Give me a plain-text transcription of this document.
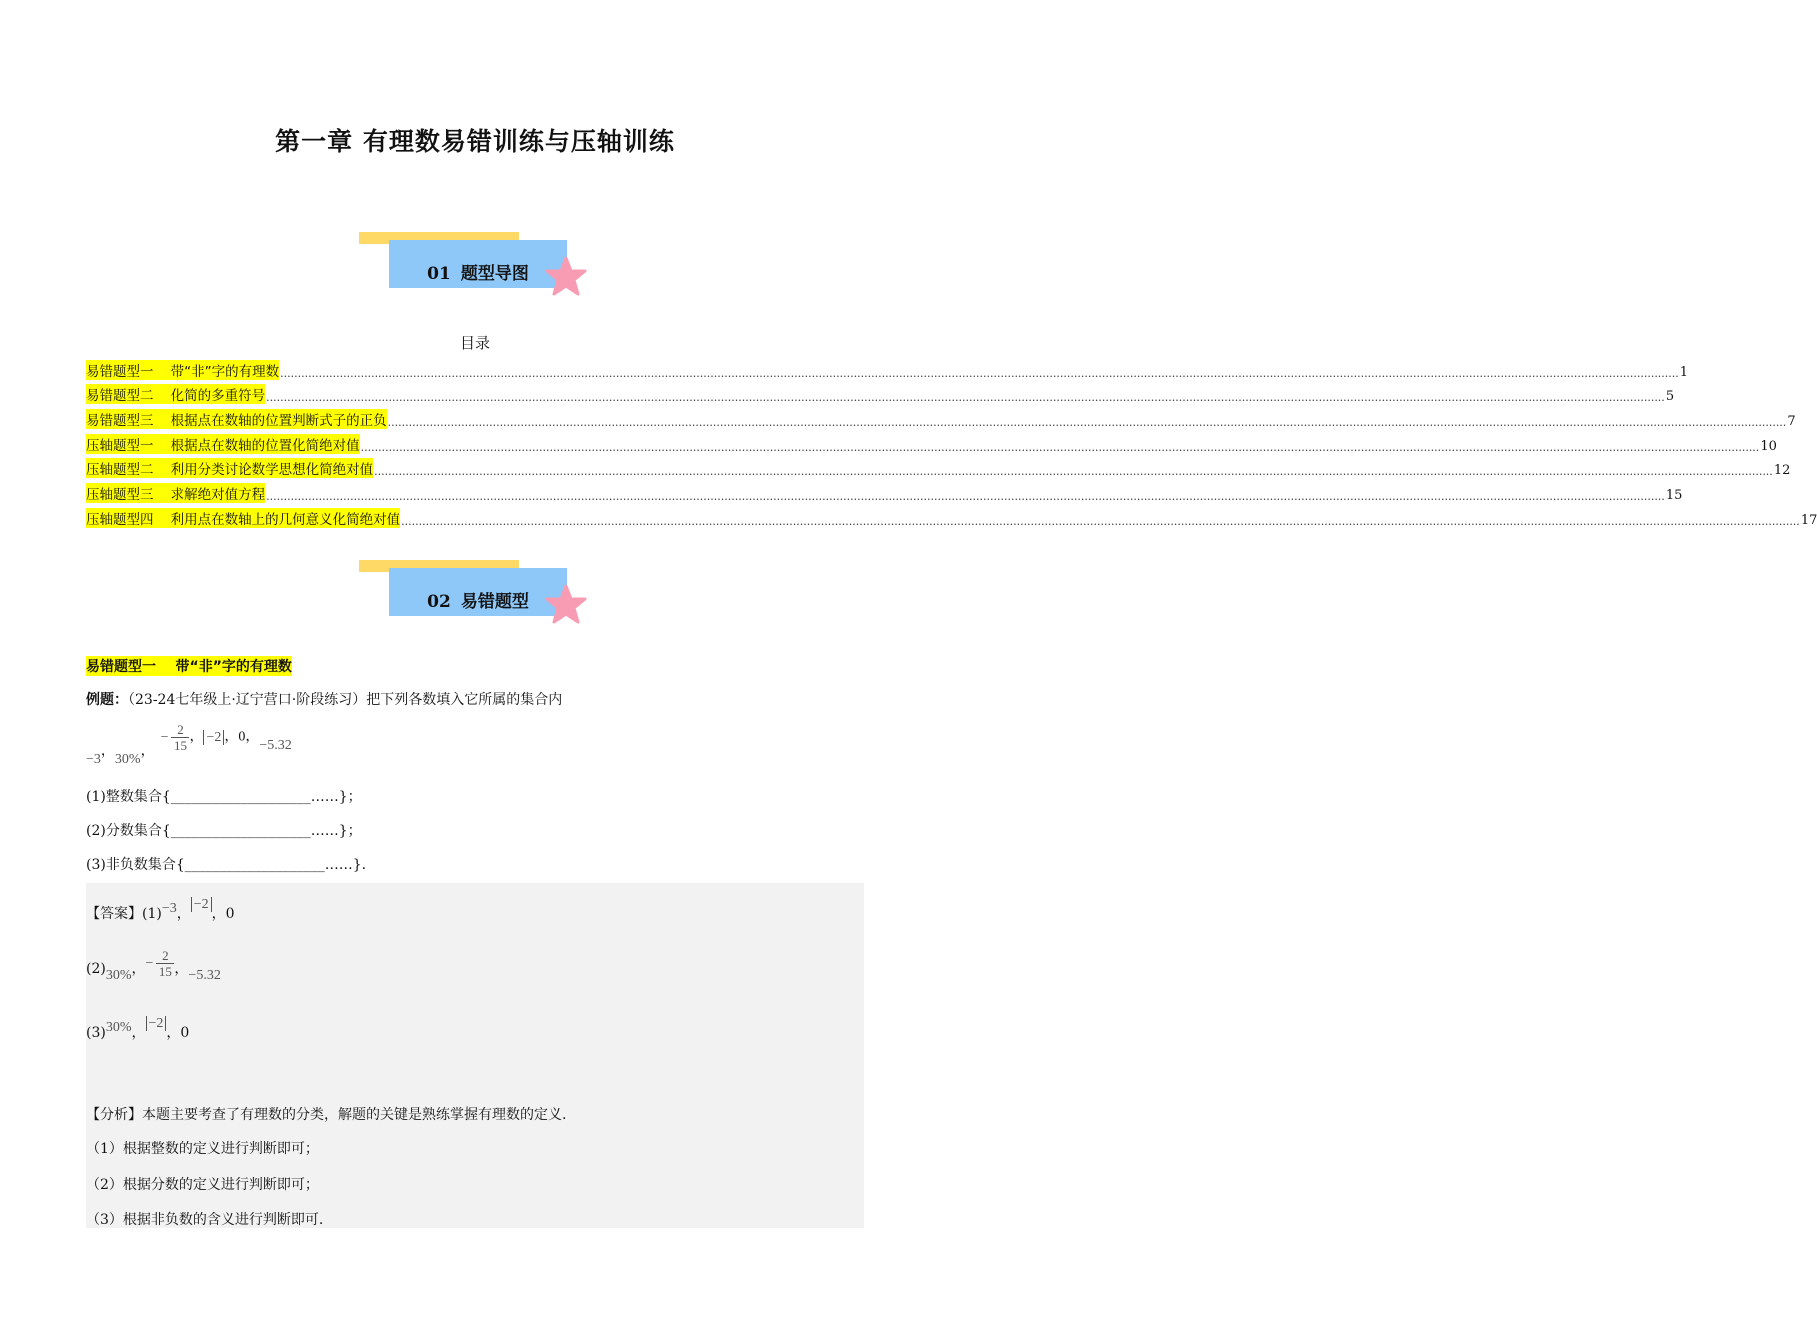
第一章 有理数易错训练与压轴训练
01 题型导图
目录
易错题型一    带“非”字的有理数 ................................................................................................................................................................................................................................................................................................................................................................................................................ 1
易错题型二    化简的多重符号 ................................................................................................................................................................................................................................................................................................................................................................................................................ 5
易错题型三    根据点在数轴的位置判断式子的正负 ................................................................................................................................................................................................................................................................................................................................................................................................................ 7
压轴题型一    根据点在数轴的位置化简绝对值 ................................................................................................................................................................................................................................................................................................................................................................................................................ 10
压轴题型二    利用分类讨论数学思想化简绝对值 ................................................................................................................................................................................................................................................................................................................................................................................................................ 12
压轴题型三    求解绝对值方程 ................................................................................................................................................................................................................................................................................................................................................................................................................ 15
压轴题型四    利用点在数轴上的几何意义化简绝对值 ................................................................................................................................................................................................................................................................................................................................................................................................................ 17
02 易错题型
易错题型一    带“非”字的有理数
例题：（23-24七年级上·辽宁营口·阶段练习）把下列各数填入它所属的集合内
−3，30%，− $\frac{2}{15}$ ， −2 ，0，−5.32
(1)整数集合{____________________……}；
(2)分数集合{____________________……}；
(3)非负数集合{____________________……}.
【答案】(1)−3，−2，0
(2)30%，− $\frac{2}{15}$ ，−5.32
(3)30%，−2，0
【分析】本题主要考查了有理数的分类，解题的关键是熟练掌握有理数的定义.
（1）根据整数的定义进行判断即可；
（2）根据分数的定义进行判断即可；
（3）根据非负数的含义进行判断即可.
